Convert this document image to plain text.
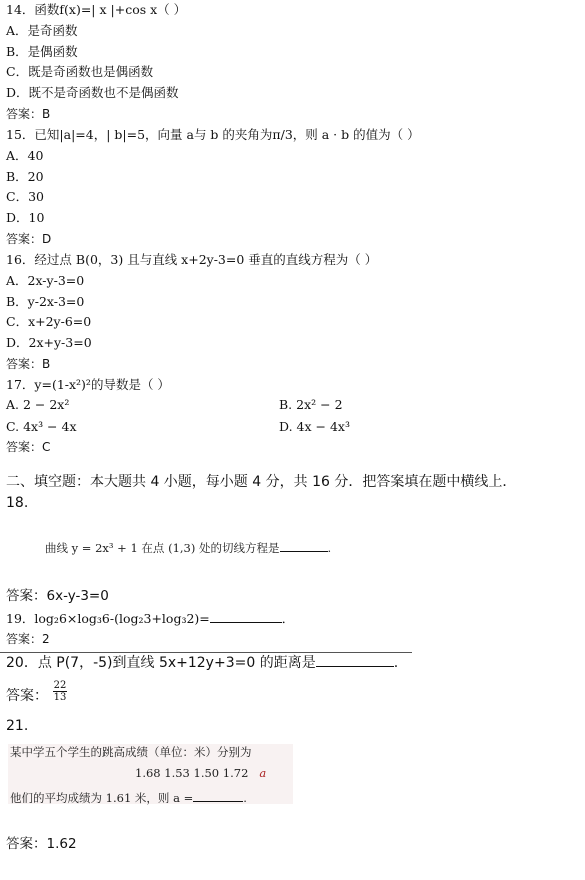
14．函数f(x)=| x |+cos x（ ）
A．是奇函数
B．是偶函数
C．既是奇函数也是偶函数
D．既不是奇函数也不是偶函数
答案：B
15．已知|a|=4，| b|=5，向量 a与 b 的夹角为π/3，则 a · b 的值为（ ）
A．40
B．20
C．30
D．10
答案：D
16．经过点 B(0，3) 且与直线 x+2y-3=0 垂直的直线方程为（ ）
A．2x-y-3=0
B．y-2x-3=0
C．x+2y-6=0
D．2x+y-3=0
答案：B
17．y=(1-x²)²的导数是（ ）
A. 2 − 2x²	B. 2x² − 2
C. 4x³ − 4x	D. 4x − 4x³
答案：C
二、填空题：本大题共 4 小题，每小题 4 分，共 16 分．把答案填在题中横线上．
18.
曲线 y = 2x³ + 1 在点 (1,3) 处的切线方程是	.
答案：6x-y-3=0
19．log₂6×log₃6-(log₂3+log₃2)=	．
答案：2
20．点 P(7，-5)到直线 5x+12y+3=0 的距离是	.
答案：
22
13
21.
某中学五个学生的跳高成绩（单位：米）分别为
1.68 1.53 1.50 1.72 a
他们的平均成绩为 1.61 米，则 a =	.
答案：1.62
